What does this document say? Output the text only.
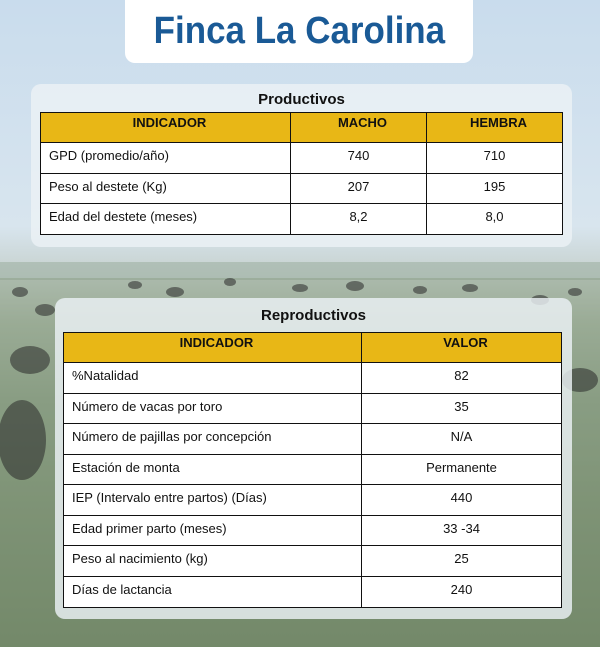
Finca La Carolina
Productivos
INDICADOR	MACHO	HEMBRA
GPD (promedio/año)	740	710
Peso al destete (Kg)	207	195
Edad del destete (meses)	8,2	8,0
Reproductivos
INDICADOR	VALOR
%Natalidad	82
Número de vacas por toro	35
Número de pajillas por concepción	N/A
Estación de monta	Permanente
IEP (Intervalo entre partos) (Días)	440
Edad primer parto (meses)	33 -34
Peso al nacimiento (kg)	25
Días de lactancia	240
